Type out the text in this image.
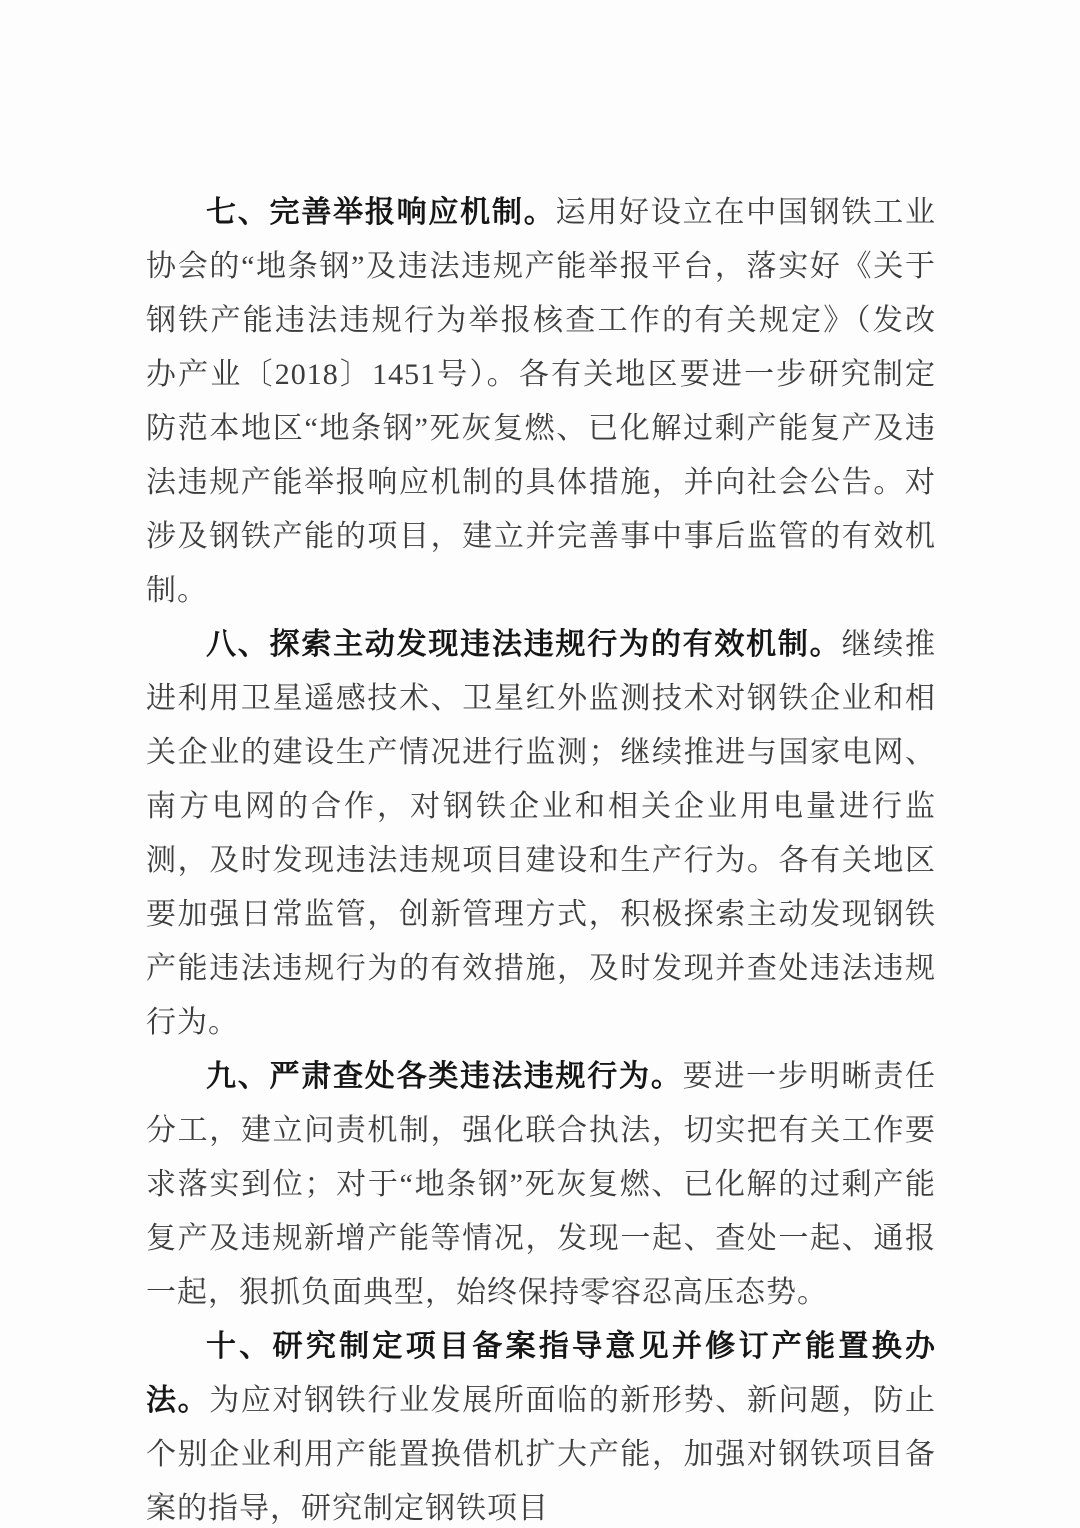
七、完善举报响应机制。运用好设立在中国钢铁工业协会的“地条钢”及违法违规产能举报平台，落实好《关于钢铁产能违法违规行为举报核查工作的有关规定》（发改办产业〔2018〕1451号）。各有关地区要进一步研究制定防范本地区“地条钢”死灰复燃、已化解过剩产能复产及违法违规产能举报响应机制的具体措施，并向社会公告。对涉及钢铁产能的项目，建立并完善事中事后监管的有效机制。

八、探索主动发现违法违规行为的有效机制。继续推进利用卫星遥感技术、卫星红外监测技术对钢铁企业和相关企业的建设生产情况进行监测；继续推进与国家电网、南方电网的合作，对钢铁企业和相关企业用电量进行监测，及时发现违法违规项目建设和生产行为。各有关地区要加强日常监管，创新管理方式，积极探索主动发现钢铁产能违法违规行为的有效措施，及时发现并查处违法违规行为。

九、严肃查处各类违法违规行为。要进一步明晰责任分工，建立问责机制，强化联合执法，切实把有关工作要求落实到位；对于“地条钢”死灰复燃、已化解的过剩产能复产及违规新增产能等情况，发现一起、查处一起、通报一起，狠抓负面典型，始终保持零容忍高压态势。

十、研究制定项目备案指导意见并修订产能置换办法。为应对钢铁行业发展所面临的新形势、新问题，防止个别企业利用产能置换借机扩大产能，加强对钢铁项目备案的指导，研究制定钢铁项目
